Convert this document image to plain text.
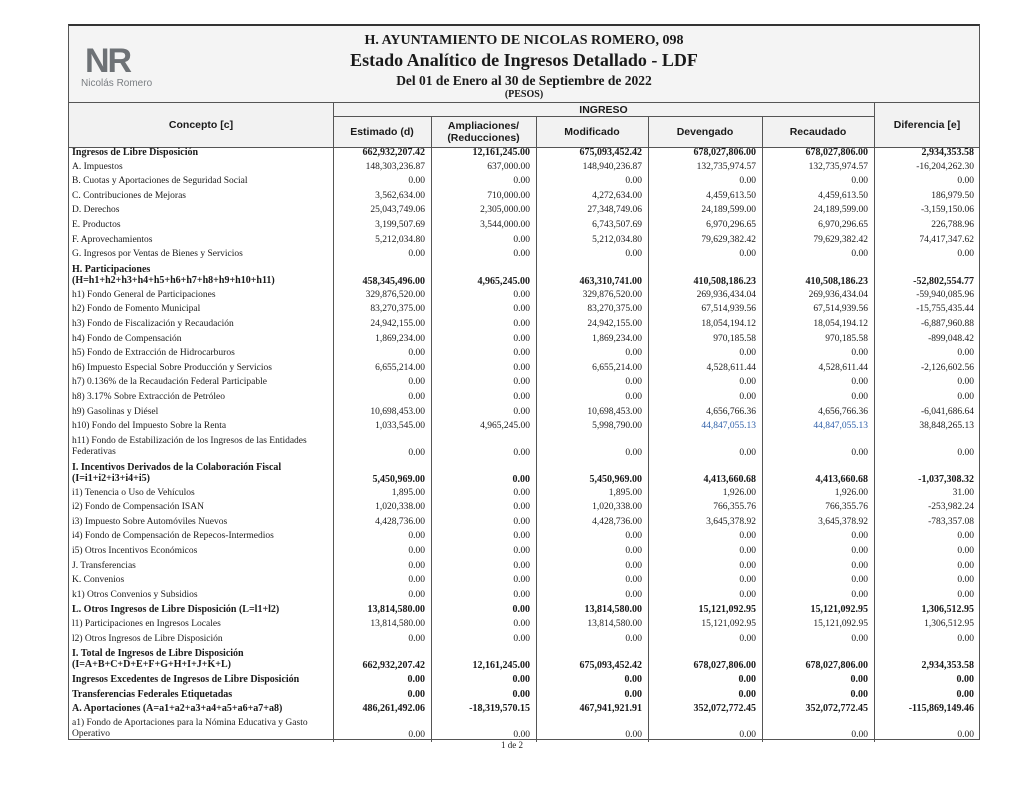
NR
Nicolás Romero
H. AYUNTAMIENTO DE NICOLAS ROMERO, 098
Estado Analítico de Ingresos Detallado - LDF
Del 01 de Enero al 30 de Septiembre de 2022
(PESOS)
Concepto [c]
INGRESO
Estimado (d)	Ampliaciones/ (Reducciones)	Modificado	Devengado	Recaudado
Diferencia [e]
Ingresos de Libre Disposición	662,932,207.42	12,161,245.00	675,093,452.42	678,027,806.00	678,027,806.00	2,934,353.58
A. Impuestos	148,303,236.87	637,000.00	148,940,236.87	132,735,974.57	132,735,974.57	-16,204,262.30
B. Cuotas y Aportaciones de Seguridad Social	0.00	0.00	0.00	0.00	0.00	0.00
C. Contribuciones de Mejoras	3,562,634.00	710,000.00	4,272,634.00	4,459,613.50	4,459,613.50	186,979.50
D. Derechos	25,043,749.06	2,305,000.00	27,348,749.06	24,189,599.00	24,189,599.00	-3,159,150.06
E. Productos	3,199,507.69	3,544,000.00	6,743,507.69	6,970,296.65	6,970,296.65	226,788.96
F. Aprovechamientos	5,212,034.80	0.00	5,212,034.80	79,629,382.42	79,629,382.42	74,417,347.62
G. Ingresos por Ventas de Bienes y Servicios	0.00	0.00	0.00	0.00	0.00	0.00
H. Participaciones (H=h1+h2+h3+h4+h5+h6+h7+h8+h9+h10+h11)	458,345,496.00	4,965,245.00	463,310,741.00	410,508,186.23	410,508,186.23	-52,802,554.77
h1) Fondo General de Participaciones	329,876,520.00	0.00	329,876,520.00	269,936,434.04	269,936,434.04	-59,940,085.96
h2) Fondo de Fomento Municipal	83,270,375.00	0.00	83,270,375.00	67,514,939.56	67,514,939.56	-15,755,435.44
h3) Fondo de Fiscalización y Recaudación	24,942,155.00	0.00	24,942,155.00	18,054,194.12	18,054,194.12	-6,887,960.88
h4) Fondo de Compensación	1,869,234.00	0.00	1,869,234.00	970,185.58	970,185.58	-899,048.42
h5) Fondo de Extracción de Hidrocarburos	0.00	0.00	0.00	0.00	0.00	0.00
h6) Impuesto Especial Sobre Producción y Servicios	6,655,214.00	0.00	6,655,214.00	4,528,611.44	4,528,611.44	-2,126,602.56
h7) 0.136% de la Recaudación Federal Participable	0.00	0.00	0.00	0.00	0.00	0.00
h8) 3.17% Sobre Extracción de Petróleo	0.00	0.00	0.00	0.00	0.00	0.00
h9) Gasolinas y Diésel	10,698,453.00	0.00	10,698,453.00	4,656,766.36	4,656,766.36	-6,041,686.64
h10) Fondo del Impuesto Sobre la Renta	1,033,545.00	4,965,245.00	5,998,790.00	44,847,055.13	44,847,055.13	38,848,265.13
h11) Fondo de Estabilización de los Ingresos de las Entidades Federativas	0.00	0.00	0.00	0.00	0.00	0.00
I. Incentivos Derivados de la Colaboración Fiscal (I=i1+i2+i3+i4+i5)	5,450,969.00	0.00	5,450,969.00	4,413,660.68	4,413,660.68	-1,037,308.32
i1) Tenencia o Uso de Vehículos	1,895.00	0.00	1,895.00	1,926.00	1,926.00	31.00
i2) Fondo de Compensación ISAN	1,020,338.00	0.00	1,020,338.00	766,355.76	766,355.76	-253,982.24
i3) Impuesto Sobre Automóviles Nuevos	4,428,736.00	0.00	4,428,736.00	3,645,378.92	3,645,378.92	-783,357.08
i4) Fondo de Compensación de Repecos-Intermedios	0.00	0.00	0.00	0.00	0.00	0.00
i5) Otros Incentivos Económicos	0.00	0.00	0.00	0.00	0.00	0.00
J. Transferencias	0.00	0.00	0.00	0.00	0.00	0.00
K. Convenios	0.00	0.00	0.00	0.00	0.00	0.00
k1) Otros Convenios y Subsidios	0.00	0.00	0.00	0.00	0.00	0.00
L. Otros Ingresos de Libre Disposición (L=l1+l2)	13,814,580.00	0.00	13,814,580.00	15,121,092.95	15,121,092.95	1,306,512.95
l1) Participaciones en Ingresos Locales	13,814,580.00	0.00	13,814,580.00	15,121,092.95	15,121,092.95	1,306,512.95
l2) Otros Ingresos de Libre Disposición	0.00	0.00	0.00	0.00	0.00	0.00
I. Total de Ingresos de Libre Disposición (I=A+B+C+D+E+F+G+H+I+J+K+L)	662,932,207.42	12,161,245.00	675,093,452.42	678,027,806.00	678,027,806.00	2,934,353.58
Ingresos Excedentes de Ingresos de Libre Disposición	0.00	0.00	0.00	0.00	0.00	0.00
Transferencias Federales Etiquetadas	0.00	0.00	0.00	0.00	0.00	0.00
A. Aportaciones (A=a1+a2+a3+a4+a5+a6+a7+a8)	486,261,492.06	-18,319,570.15	467,941,921.91	352,072,772.45	352,072,772.45	-115,869,149.46
a1) Fondo de Aportaciones para la Nómina Educativa y Gasto Operativo	0.00	0.00	0.00	0.00	0.00	0.00
1 de 2
